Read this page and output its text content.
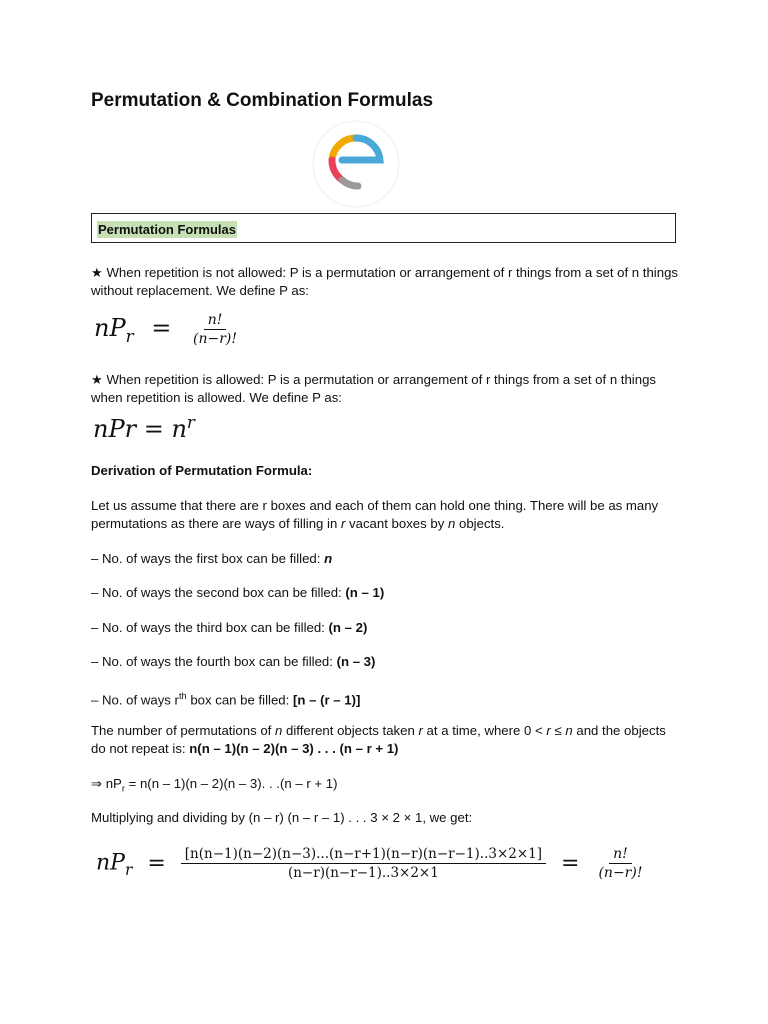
Permutation & Combination Formulas
Permutation Formulas

★ When repetition is not allowed: P is a permutation or arrangement of r things from a set of n things without replacement. We define P as:

$nP_r = \frac{n!}{(n-r)!}$

★ When repetition is allowed: P is a permutation or arrangement of r things from a set of n things when repetition is allowed. We define P as:

nPr = $n^r$

Derivation of Permutation Formula:

Let us assume that there are r boxes and each of them can hold one thing. There will be as many permutations as there are ways of filling in r vacant boxes by n objects.

– No. of ways the first box can be filled: n

– No. of ways the second box can be filled: (n – 1)

– No. of ways the third box can be filled: (n – 2)

– No. of ways the fourth box can be filled: (n – 3)

– No. of ways $r^{th}$ box can be filled: [n – (r – 1)]

The number of permutations of n different objects taken r at a time, where 0 < r ≤ n and the objects do not repeat is: n(n – 1)(n – 2)(n – 3) . . . (n – r + 1)

⇒ $nP_r = n(n - 1)(n - 2)(n - 3)$. . .(n – r + 1)

Multiplying and dividing by (n – r) (n – r – 1) . . . 3 × 2 × 1, we get:

$nP_r = \frac{[n(n-1)(n-2)(n-3)...(n-r+1)(n-r)(n-r-1)..3\times 2\times 1]}{(n-r)(n-r-1)..3\times 2\times 1} = \frac{n!}{(n-r)!}$
